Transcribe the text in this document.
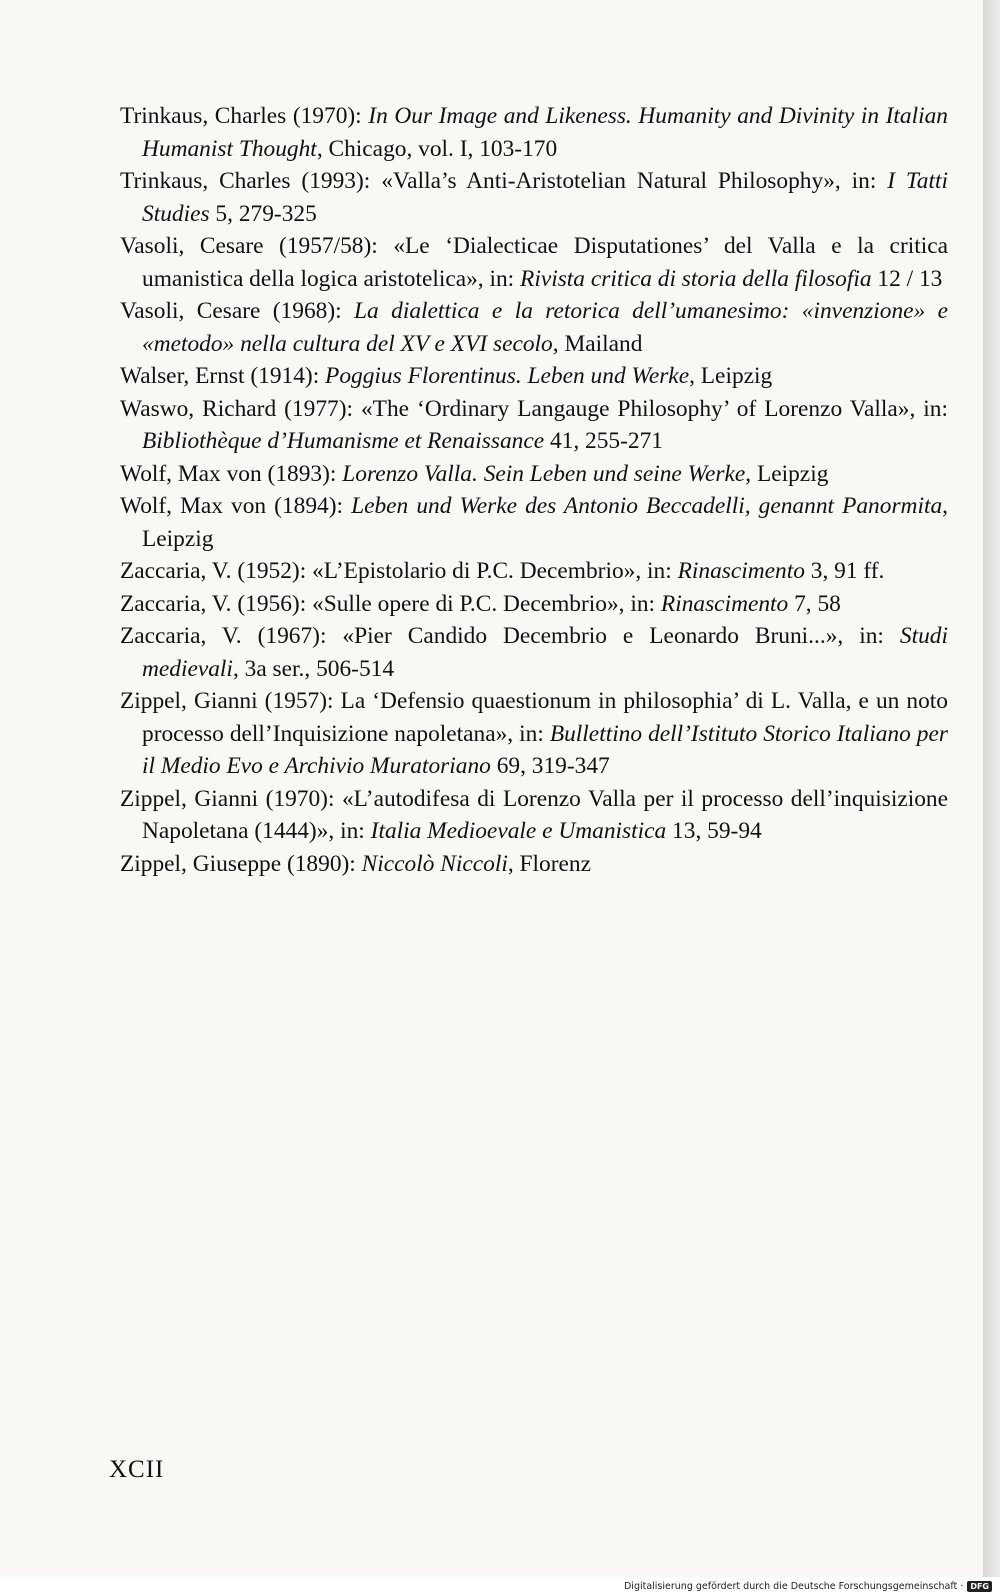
Trinkaus, Charles (1970): In Our Image and Likeness. Humanity and Divinity in Italian Humanist Thought, Chicago, vol. I, 103-170

Trinkaus, Charles (1993): «Valla’s Anti-Aristotelian Natural Philosophy», in: I Tatti Studies 5, 279-325

Vasoli, Cesare (1957/58): «Le ‘Dialecticae Disputationes’ del Valla e la critica umanistica della logica aristotelica», in: Rivista critica di storia della filosofia 12 / 13

Vasoli, Cesare (1968): La dialettica e la retorica dell’umanesimo: «invenzione» e «metodo» nella cultura del XV e XVI secolo, Mailand

Walser, Ernst (1914): Poggius Florentinus. Leben und Werke, Leipzig

Waswo, Richard (1977): «The ‘Ordinary Langauge Philosophy’ of Lorenzo Valla», in: Bibliothèque d’Humanisme et Renaissance 41, 255-271

Wolf, Max von (1893): Lorenzo Valla. Sein Leben und seine Werke, Leipzig

Wolf, Max von (1894): Leben und Werke des Antonio Beccadelli, genannt Panormita, Leipzig

Zaccaria, V. (1952): «L’Epistolario di P.C. Decembrio», in: Rinascimento 3, 91 ff.

Zaccaria, V. (1956): «Sulle opere di P.C. Decembrio», in: Rinascimento 7, 58

Zaccaria, V. (1967): «Pier Candido Decembrio e Leonardo Bruni...», in: Studi medievali, 3a ser., 506-514

Zippel, Gianni (1957): La ‘Defensio quaestionum in philosophia’ di L. Valla, e un noto processo dell’Inquisizione napoletana», in: Bullettino dell’Istituto Storico Italiano per il Medio Evo e Archivio Muratoriano 69, 319-347

Zippel, Gianni (1970): «L’autodifesa di Lorenzo Valla per il processo dell’inquisizione Napoletana (1444)», in: Italia Medioevale e Umanistica 13, 59-94

Zippel, Giuseppe (1890): Niccolò Niccoli, Florenz

XCII
Digitalisierung gefördert durch die Deutsche Forschungsgemeinschaft · DFG
